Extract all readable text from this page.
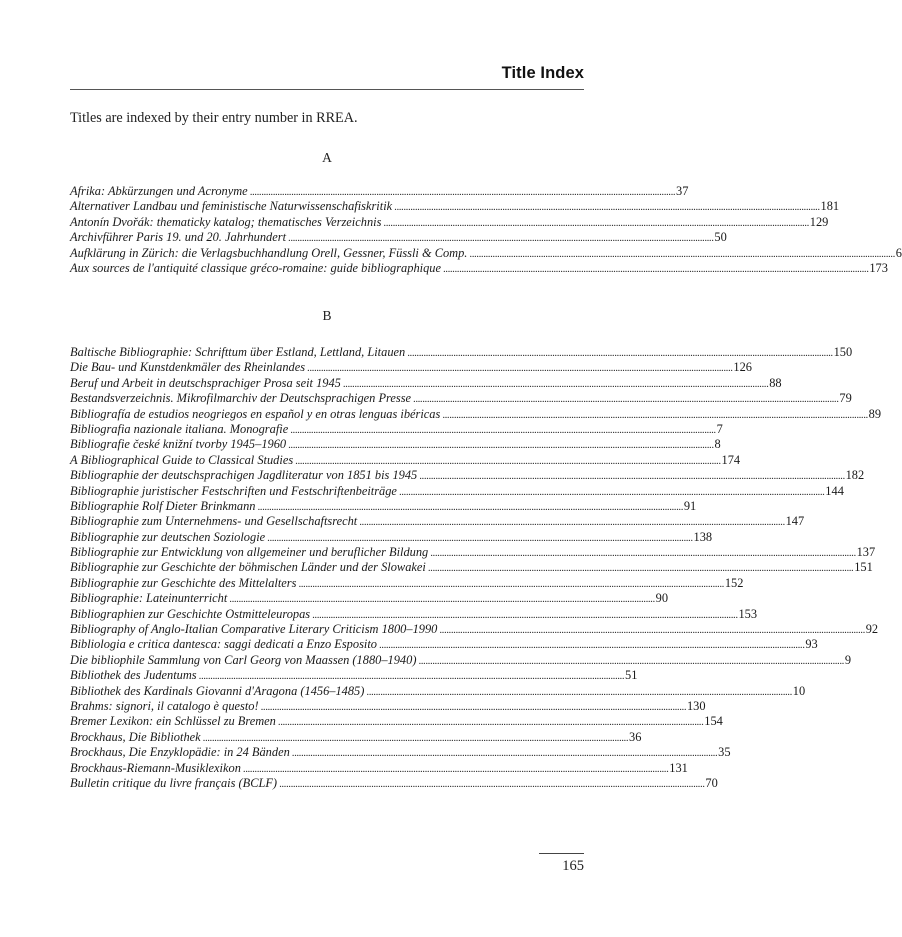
Title Index
Titles are indexed by their entry number in RREA.
A
Afrika: Abkürzungen und Acronyme . . .	37
Alternativer Landbau und feministische Naturwissenschafiskritik . . .	181
Antonín Dvořák: thematicky katalog; thematisches Verzeichnis . . .	129
Archivführer Paris 19. und 20. Jahrhundert . . .	50
Aufklärung in Zürich: die Verlagsbuchhandlung Orell, Gessner, Füssli & Comp. . . .	6
Aux sources de l'antiquité classique gréco-romaine: guide bibliographique . . .	173
B
Baltische Bibliographie: Schrifttum über Estland, Lettland, Litauen . . .	150
Die Bau- und Kunstdenkmäler des Rheinlandes . . .	126
Beruf und Arbeit in deutschsprachiger Prosa seit 1945 . . .	88
Bestandsverzeichnis. Mikrofilmarchiv der Deutschsprachigen Presse . . .	79
Bibliografía de estudios neogriegos en español y en otras lenguas ibéricas . . .	89
Bibliografia nazionale italiana. Monografie . . .	7
Bibliografie české knižní tvorby 1945–1960 . . .	8
A Bibliographical Guide to Classical Studies . . .	174
Bibliographie der deutschsprachigen Jagdliteratur von 1851 bis 1945 . . .	182
Bibliographie juristischer Festschriften und Festschriftenbeiträge . . .	144
Bibliographie Rolf Dieter Brinkmann . . .	91
Bibliographie zum Unternehmens- und Gesellschaftsrecht . . .	147
Bibliographie zur deutschen Soziologie . . .	138
Bibliographie zur Entwicklung von allgemeiner und beruflicher Bildung . . .	137
Bibliographie zur Geschichte der böhmischen Länder und der Slowakei . . .	151
Bibliographie zur Geschichte des Mittelalters . . .	152
Bibliographie: Lateinunterricht . . .	90
Bibliographien zur Geschichte Ostmitteleuropas . . .	153
Bibliography of Anglo-Italian Comparative Literary Criticism 1800–1990 . . .	92
Bibliologia e critica dantesca: saggi dedicati a Enzo Esposito . . .	93
Die bibliophile Sammlung von Carl Georg von Maassen (1880–1940) . . .	9
Bibliothek des Judentums . . .	51
Bibliothek des Kardinals Giovanni d'Aragona (1456–1485) . . .	10
Brahms: signori, il catalogo è questo! . . .	130
Bremer Lexikon: ein Schlüssel zu Bremen . . .	154
Brockhaus, Die Bibliothek . . .	36
Brockhaus, Die Enzyklopädie: in 24 Bänden . . .	35
Brockhaus-Riemann-Musiklexikon . . .	131
Bulletin critique du livre français (BCLF) . . .	70
165
